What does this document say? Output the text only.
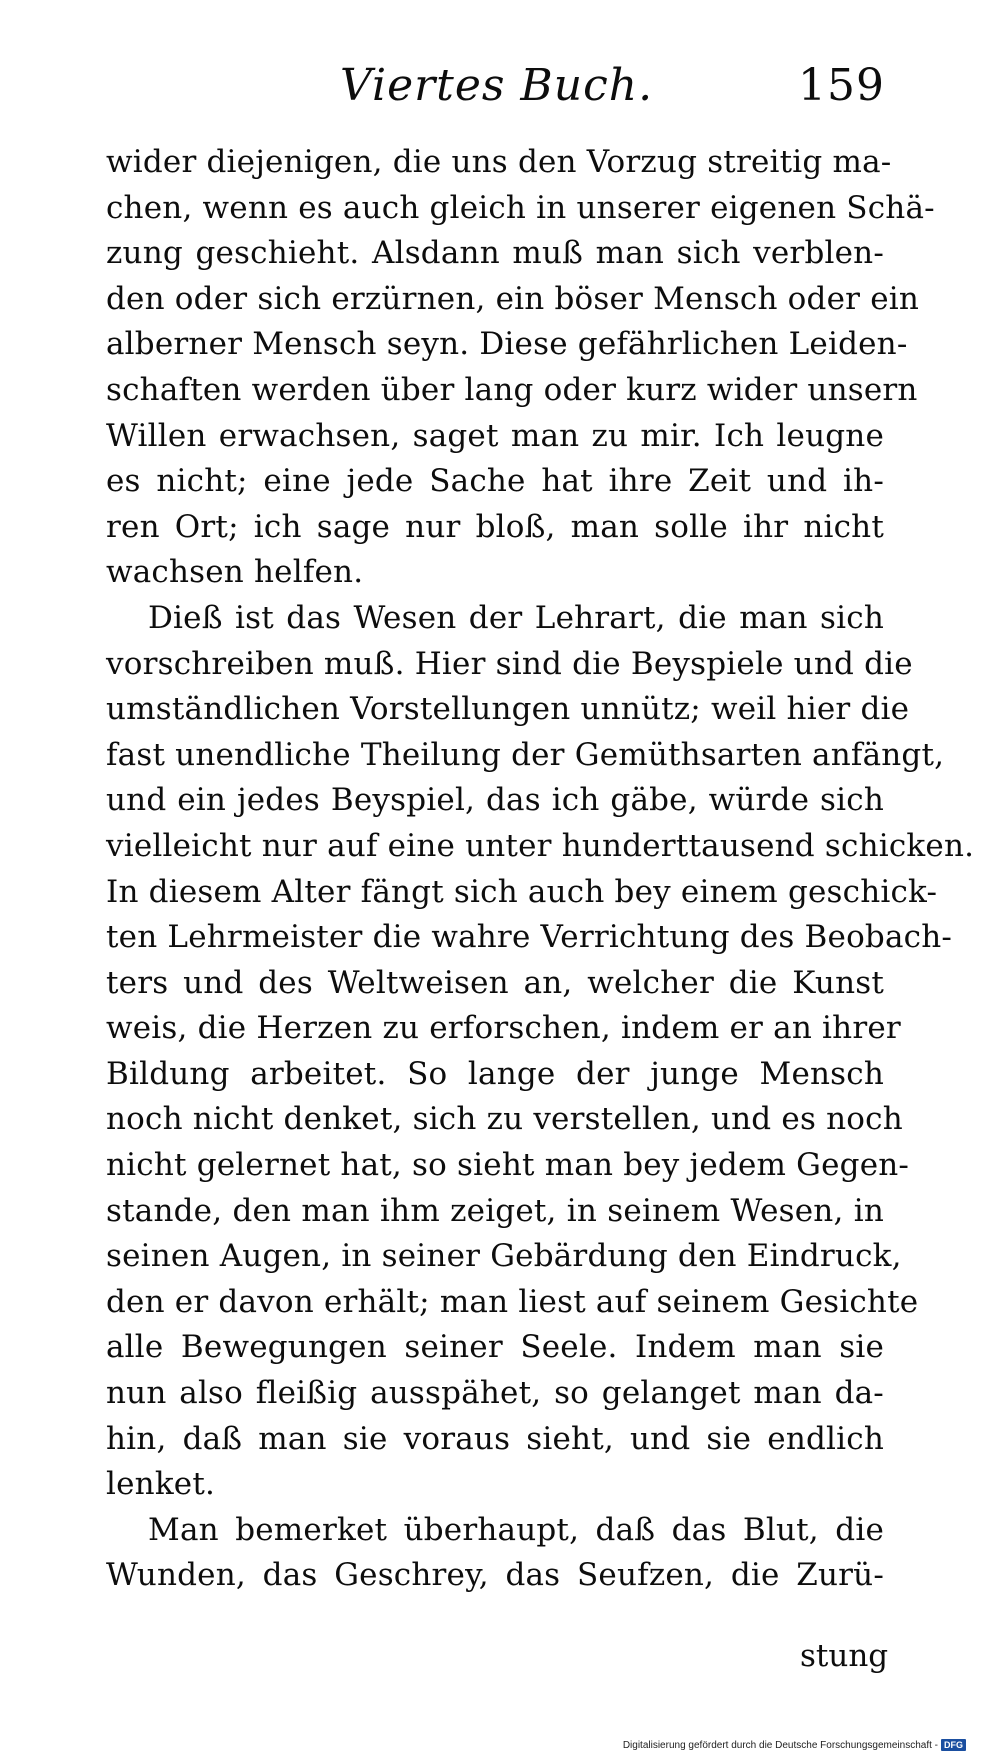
Viertes Buch.	159
wider diejenigen, die uns den Vorzug streitig ma-
chen, wenn es auch gleich in unserer eigenen Schä-
zung geschieht. Alsdann muß man sich verblen-
den oder sich erzürnen, ein böser Mensch oder ein
alberner Mensch seyn. Diese gefährlichen Leiden-
schaften werden über lang oder kurz wider unsern
Willen erwachsen, saget man zu mir. Ich leugne
es nicht; eine jede Sache hat ihre Zeit und ih-
ren Ort; ich sage nur bloß, man solle ihr nicht
wachsen helfen.
Dieß ist das Wesen der Lehrart, die man sich
vorschreiben muß. Hier sind die Beyspiele und die
umständlichen Vorstellungen unnütz; weil hier die
fast unendliche Theilung der Gemüthsarten anfängt,
und ein jedes Beyspiel, das ich gäbe, würde sich
vielleicht nur auf eine unter hunderttausend schicken.
In diesem Alter fängt sich auch bey einem geschick-
ten Lehrmeister die wahre Verrichtung des Beobach-
ters und des Weltweisen an, welcher die Kunst
weis, die Herzen zu erforschen, indem er an ihrer
Bildung arbeitet. So lange der junge Mensch
noch nicht denket, sich zu verstellen, und es noch
nicht gelernet hat, so sieht man bey jedem Gegen-
stande, den man ihm zeiget, in seinem Wesen, in
seinen Augen, in seiner Gebärdung den Eindruck,
den er davon erhält; man liest auf seinem Gesichte
alle Bewegungen seiner Seele. Indem man sie
nun also fleißig ausspähet, so gelanget man da-
hin, daß man sie voraus sieht, und sie endlich
lenket.
Man bemerket überhaupt, daß das Blut, die
Wunden, das Geschrey, das Seufzen, die Zurü-
stung
Digitalisierung gefördert durch die Deutsche Forschungsgemeinschaft - DFG
